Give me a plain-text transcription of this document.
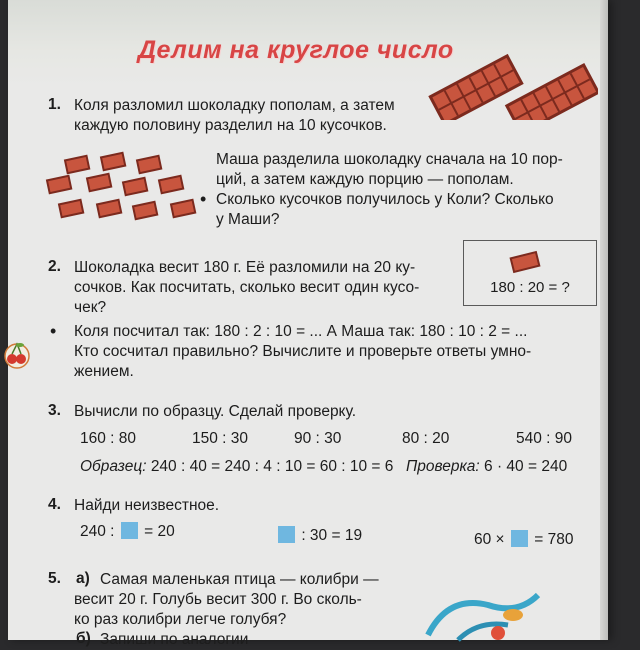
Делим на круглое число
1. Коля разломил шоколадку пополам, а затем
каждую половину разделил на 10 кусочков.
Маша разделила шоколадку сначала на 10 пор-
ций, а затем каждую порцию — пополам.
• Сколько кусочков получилось у Коли? Сколько
у Маши?
2. Шоколадка весит 180 г. Её разломили на 20 ку-
сочков. Как посчитать, сколько весит один кусо-
чек?
180 : 20 = ?
• Коля посчитал так: 180 : 2 : 10 = ... А Маша так: 180 : 10 : 2 = ...
Кто сосчитал правильно? Вычислите и проверьте ответы умно-
жением.
3. Вычисли по образцу. Сделай проверку.
160 : 80	150 : 30	90 : 30	80 : 20	540 : 90
Образец: 240 : 40 = 240 : 4 : 10 = 60 : 10 = 6 Проверка: 6 · 40 = 240
4. Найди неизвестное.
240 : = 20	: 30 = 19	60 × = 780
5. а) Самая маленькая птица — колибри —
весит 20 г. Голубь весит 300 г. Во сколь-
ко раз колибри легче голубя?
б) Запиши по аналогии
